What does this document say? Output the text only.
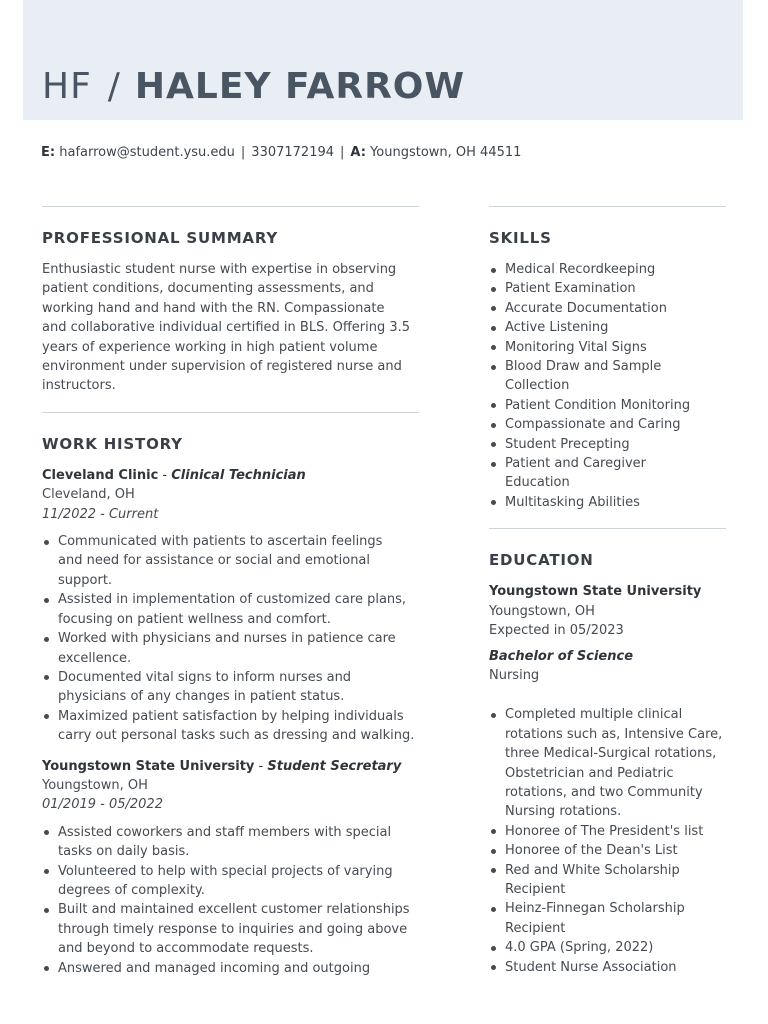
HF / HALEY FARROW
E: hafarrow@student.ysu.edu | 3307172194 | A: Youngstown, OH 44511
PROFESSIONAL SUMMARY

Enthusiastic student nurse with expertise in observing
patient conditions, documenting assessments, and
working hand and hand with the RN. Compassionate
and collaborative individual certified in BLS. Offering 3.5
years of experience working in high patient volume
environment under supervision of registered nurse and
instructors.

WORK HISTORY
Cleveland Clinic - Clinical Technician
Cleveland, OH
11/2022 - Current
Communicated with patients to ascertain feelings
and need for assistance or social and emotional
support.
Assisted in implementation of customized care plans,
focusing on patient wellness and comfort.
Worked with physicians and nurses in patience care
excellence.
Documented vital signs to inform nurses and
physicians of any changes in patient status.
Maximized patient satisfaction by helping individuals
carry out personal tasks such as dressing and walking.
Youngstown State University - Student Secretary
Youngstown, OH
01/2019 - 05/2022
Assisted coworkers and staff members with special
tasks on daily basis.
Volunteered to help with special projects of varying
degrees of complexity.
Built and maintained excellent customer relationships
through timely response to inquiries and going above
and beyond to accommodate requests.
Answered and managed incoming and outgoing
SKILLS
Medical Recordkeeping
Patient Examination
Accurate Documentation
Active Listening
Monitoring Vital Signs
Blood Draw and Sample
Collection
Patient Condition Monitoring
Compassionate and Caring
Student Precepting
Patient and Caregiver
Education
Multitasking Abilities
EDUCATION
Youngstown State University
Youngstown, OH
Expected in 05/2023
Bachelor of Science
Nursing
Completed multiple clinical
rotations such as, Intensive Care,
three Medical-Surgical rotations,
Obstetrician and Pediatric
rotations, and two Community
Nursing rotations.
Honoree of The President's list
Honoree of the Dean's List
Red and White Scholarship
Recipient
Heinz-Finnegan Scholarship
Recipient
4.0 GPA (Spring, 2022)
Student Nurse Association
